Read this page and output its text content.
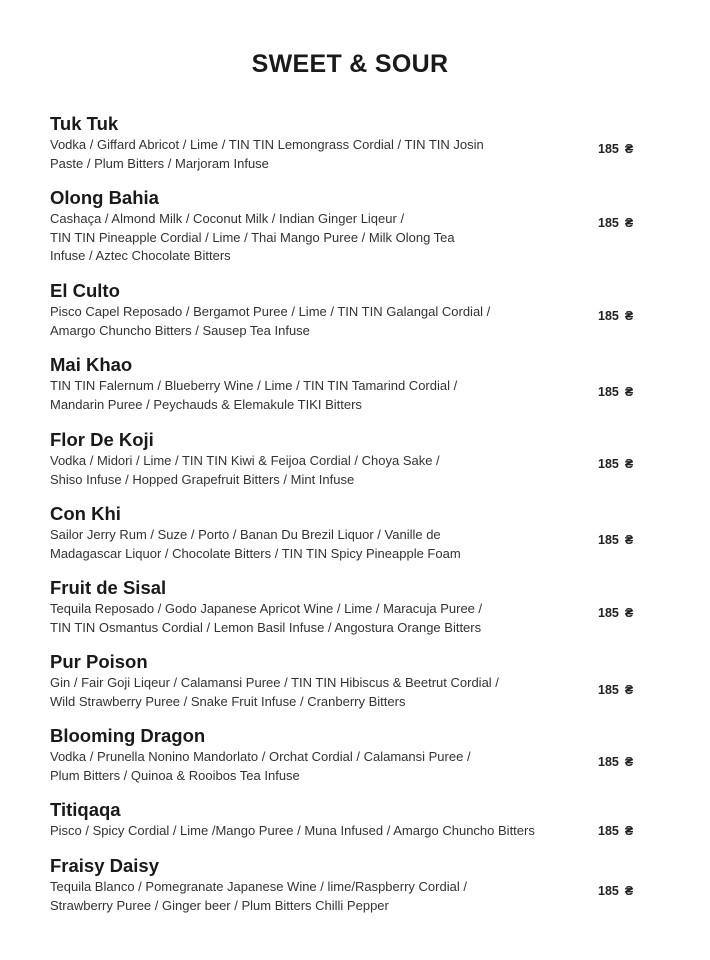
SWEET & SOUR
Tuk Tuk
Vodka / Giffard Abricot / Lime / TIN TIN Lemongrass Cordial / TIN TIN Josin
Paste / Plum Bitters / Marjoram Infuse
185 ₴
Olong Bahia
Cashaça / Almond Milk / Coconut Milk / Indian Ginger Liqeur /
TIN TIN Pineapple Cordial / Lime / Thai Mango Puree / Milk Olong Tea
Infuse / Aztec Chocolate Bitters
185 ₴
El Culto
Pisco Capel Reposado / Bergamot Puree / Lime / TIN TIN Galangal Cordial /
Amargo Chuncho Bitters / Sausep Tea Infuse
185 ₴
Mai Khao
TIN TIN Falernum / Blueberry Wine / Lime / TIN TIN Tamarind Cordial /
Mandarin Puree / Peychauds & Elemakule TIKI Bitters
185 ₴
Flor De Koji
Vodka / Midori / Lime / TIN TIN Kiwi & Feijoa Cordial / Choya Sake /
Shiso Infuse / Hopped Grapefruit Bitters / Mint Infuse
185 ₴
Con Khi
Sailor Jerry Rum / Suze / Porto / Banan Du Brezil Liquor / Vanille de
Madagascar Liquor / Chocolate Bitters / TIN TIN Spicy Pineapple Foam
185 ₴
Fruit de Sisal
Tequila Reposado / Godo Japanese Apricot Wine / Lime / Maracuja Puree /
TIN TIN Osmantus Cordial / Lemon Basil Infuse / Angostura Orange Bitters
185 ₴
Pur Poison
Gin / Fair Goji Liqeur / Calamansi Puree / TIN TIN Hibiscus & Beetrut Cordial /
Wild Strawberry Puree / Snake Fruit Infuse / Cranberry Bitters
185 ₴
Blooming Dragon
Vodka / Prunella Nonino Mandorlato / Orchat Cordial / Calamansi Puree /
Plum Bitters / Quinoa & Rooibos Tea Infuse
185 ₴
Titiqaqa
Pisco / Spicy Cordial / Lime /Mango Puree / Muna Infused / Amargo Chuncho Bitters	185 ₴
Fraisy Daisy
Tequila Blanco / Pomegranate Japanese Wine / lime/Raspberry Cordial /
Strawberry Puree / Ginger beer / Plum Bitters Chilli Pepper
185 ₴
